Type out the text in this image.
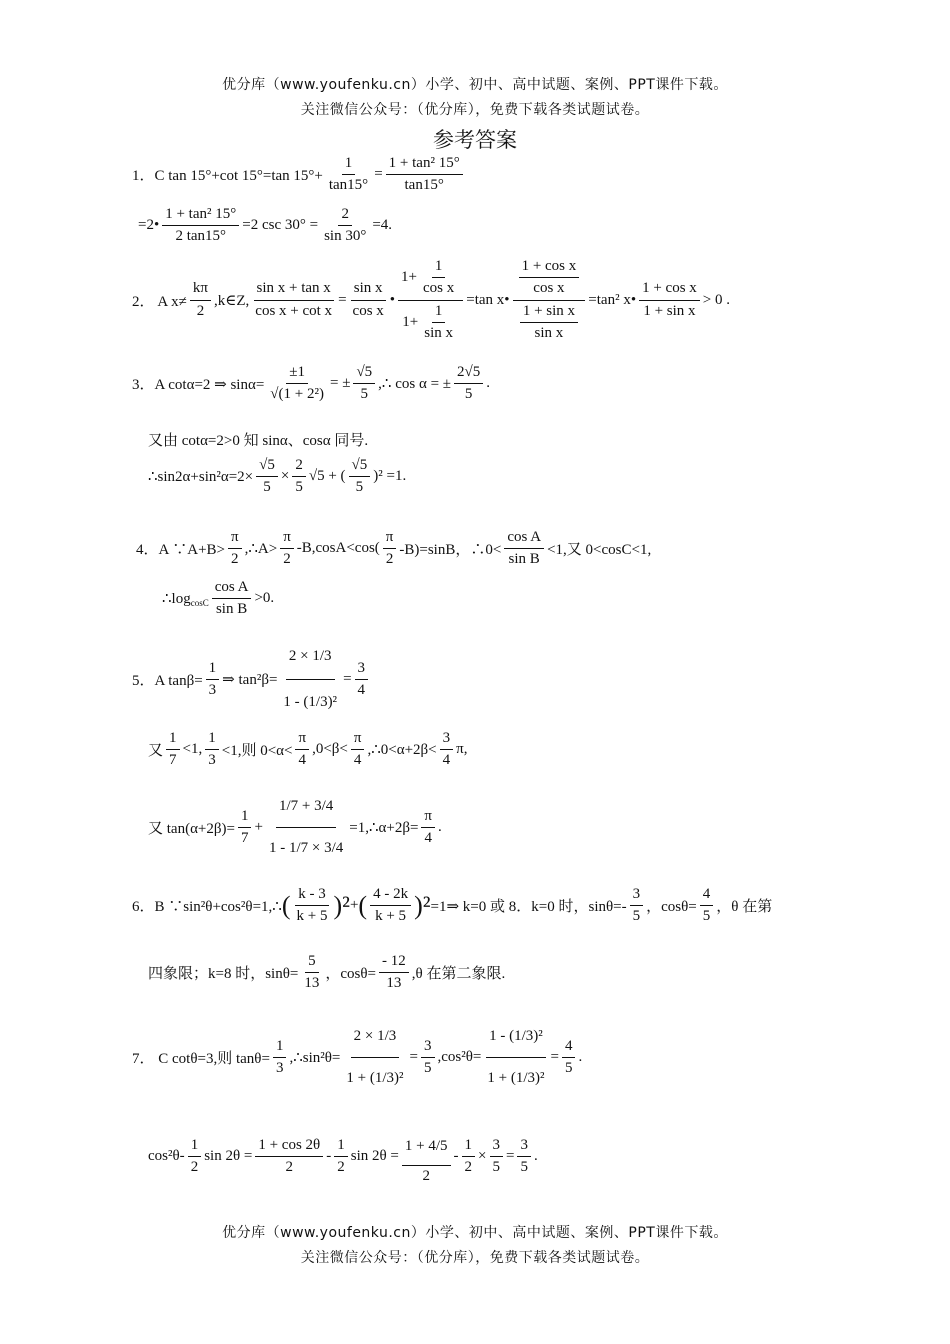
优分库（www.youfenku.cn）小学、初中、高中试题、案例、PPT课件下载。
关注微信公众号：（优分库），免费下载各类试题试卷。
参考答案
1．C tan 15°+cot 15°=tan $15^\circ+ \frac{1}{\tan 15^\circ} = \frac{\text{1 + tan² 15°}}{\tan 15^\circ}$
=2• $\frac{\text{1 + tan² 15°}}{2 \tan 15^\circ} =2$ $\csc 30^\circ = \frac{2}{\sin 30^\circ} =4$.
2． A $x\ne \frac{k\pi}{2}$ ,k∈Z, $\frac{\text{sin x + tan x}}{\text{cos x + cot x}} = \frac{\text{sin x}}{\text{cos x}}$ • $\frac{1+ \frac{1}{\text{cos x}}}{1+ \frac{1}{\text{sin x}}} =\tan$ x• $\frac{\frac{\text{1 + cos x}}{\text{cos x}}}{\frac{\text{1 + sin x}}{\text{sin x}}} =\tan^2$ x• $\frac{\text{1 + cos x}}{\text{1 + sin x}} > 0$ .
3．A cotα=2 ⇒ $\sin\alpha= \frac{\pm 1}{\text{√(1 + 2²)}}$ = ± $\frac{√5}{5}$ ,∴ cos α = ± $\frac{2√5}{5}$ .
又由 cotα=2>0 知 sinα、cosα 同号.
∴sin2α+sin²α=2× $\frac{√5}{5} \times \frac{2}{5} √5$ + ( $\frac{√5}{5} )^2 =1$.
4．A ∵A+B> $\frac{\pi}{2}$ ,∴A> $\frac{\pi}{2} -B,\cos A<\cos( \frac{\pi}{2} -B)=\sin B$，∴0< $\frac{\text{cos A}}{\text{sin B}} <1$,又 0<cosC<1,
$\therefore\log_{cosC} \frac{\text{cos A}}{\text{sin B}} >0$.
5．A $\tan\beta= \frac{1}{3}$ ⇒ $\tan^2\beta= \frac{2 \times 1/3}{\text{1 - (1/3)²}} = \frac{3}{4}$
又 $\frac{1}{7} <1$, $\frac{1}{3} <1$,则 $0<\alpha< \frac{\pi}{4} ,0<\beta< \frac{\pi}{4}$ ,∴0<α+2β< $\frac{3}{4} \pi$,
又 $\tan(\alpha+2\beta)= \frac{1}{7} + \frac{1/7 + 3/4}{1 - 1/7 \times 3/4}$ =1,∴α+2β= $\frac{\pi}{4}$ .
6．B ∵sin²θ+cos²θ=1,∴ ( $\frac{k - 3}{k + 5} )^2$ + ( $\frac{4 - 2k}{k + 5} )^2$ =1⇒ k=0 或 8．k=0 时，$\sin\theta=- \frac{3}{5}$ ，$\cos\theta= \frac{4}{5}$ ，θ 在第
四象限；k=8 时，$\sin\theta= \frac{5}{13}$ ，$\cos\theta= \frac{- 12}{13} ,\theta$ 在第二象限.
7． C cotθ=3,则 $\tan\theta= \frac{1}{3}$ ,∴sin²θ= $\frac{2 \times 1/3}{\text{1 + (1/3)²}} = \frac{3}{5} ,\cos^2\theta= \frac{\text{1 - (1/3)²}}{\text{1 + (1/3)²}} = \frac{4}{5}$ .
$\cos^2\theta- \frac{1}{2}$ $\sin 2\theta = \frac{1 + \cos 2\theta}{2} - \frac{1}{2}$ $\sin 2\theta = \frac{1 + 4/5}{2} - \frac{1}{2} \times \frac{3}{5} = \frac{3}{5}$ .
优分库（www.youfenku.cn）小学、初中、高中试题、案例、PPT课件下载。
关注微信公众号：（优分库），免费下载各类试题试卷。
